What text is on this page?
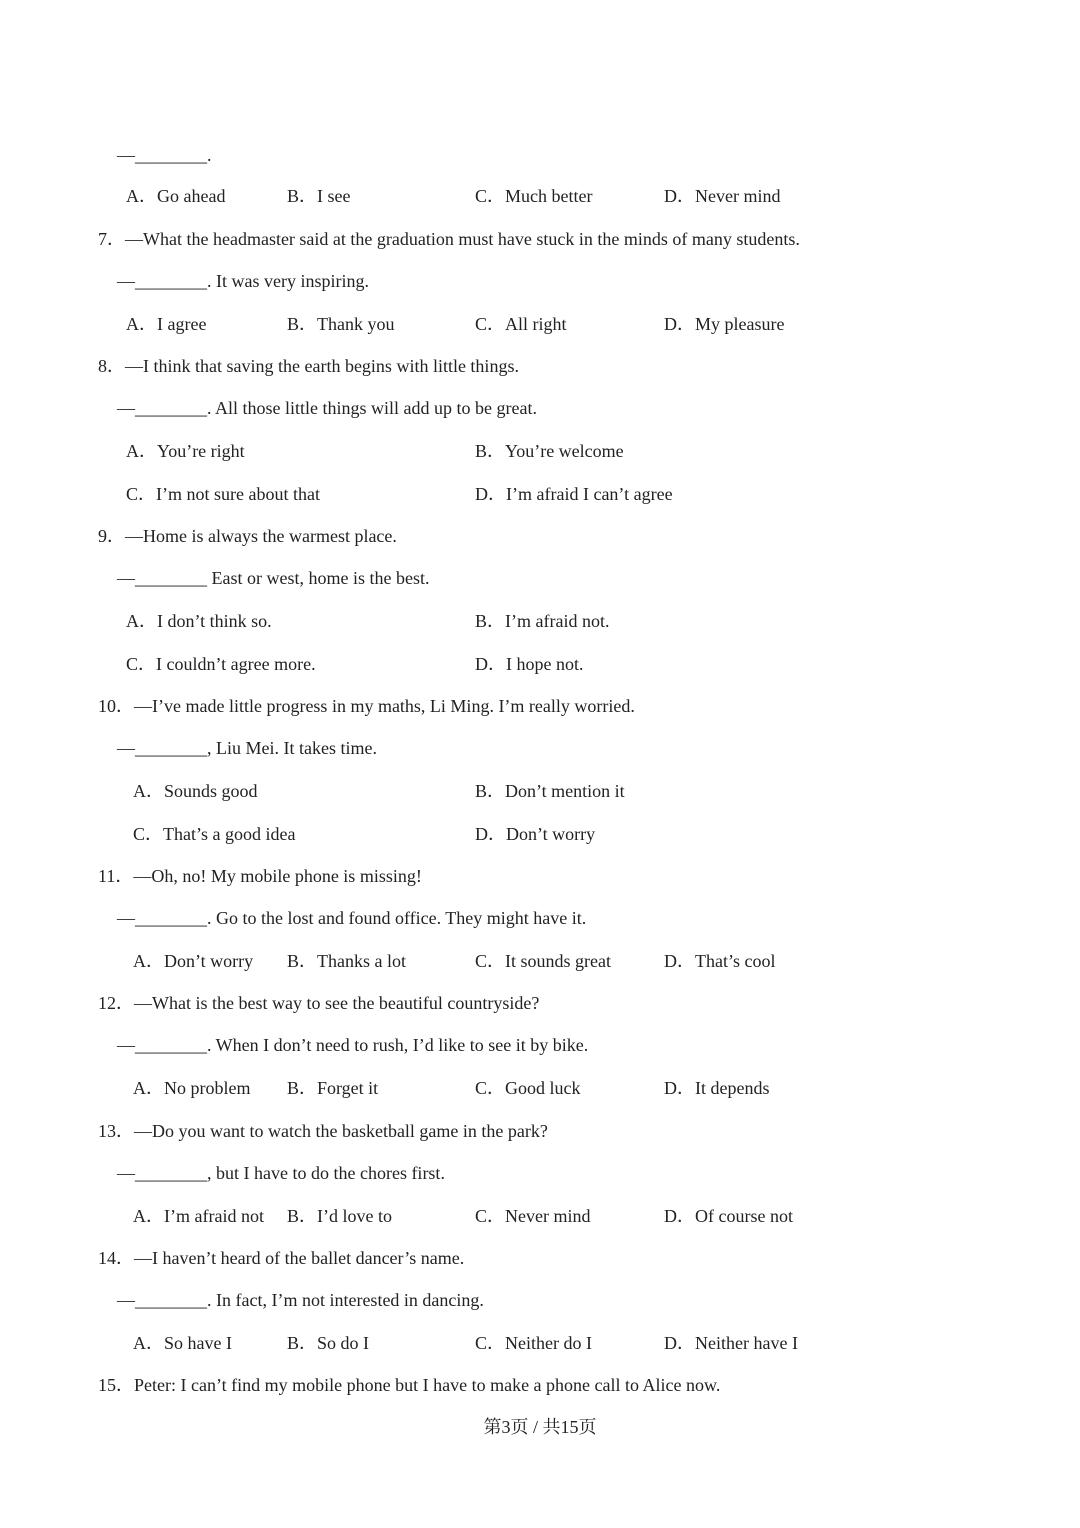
—________.
A．Go ahead	B．I see	C．Much better	D．Never mind
7．—What the headmaster said at the graduation must have stuck in the minds of many students.
—________. It was very inspiring.
A．I agree	B．Thank you	C．All right	D．My pleasure
8．—I think that saving the earth begins with little things.
—________. All those little things will add up to be great.
A．You’re right	B．You’re welcome
C．I’m not sure about that	D．I’m afraid I can’t agree
9．—Home is always the warmest place.
—________ East or west, home is the best.
A．I don’t think so.	B．I’m afraid not.
C．I couldn’t agree more.	D．I hope not.
10．—I’ve made little progress in my maths, Li Ming. I’m really worried.
—________, Liu Mei. It takes time.
A．Sounds good	B．Don’t mention it
C．That’s a good idea	D．Don’t worry
11．—Oh, no! My mobile phone is missing!
—________. Go to the lost and found office. They might have it.
A．Don’t worry B．Thanks a lot	C．It sounds great	D．That’s cool
12．—What is the best way to see the beautiful countryside?
—________. When I don’t need to rush, I’d like to see it by bike.
A．No problem B．Forget it	C．Good luck	D．It depends
13．—Do you want to watch the basketball game in the park?
—________, but I have to do the chores first.
A．I’m afraid not B．I’d love to	C．Never mind	D．Of course not
14．—I haven’t heard of the ballet dancer’s name.
—________. In fact, I’m not interested in dancing.
A．So have I	B．So do I	C．Neither do I	D．Neither have I
15．Peter: I can’t find my mobile phone but I have to make a phone call to Alice now.
第3页 / 共15页
